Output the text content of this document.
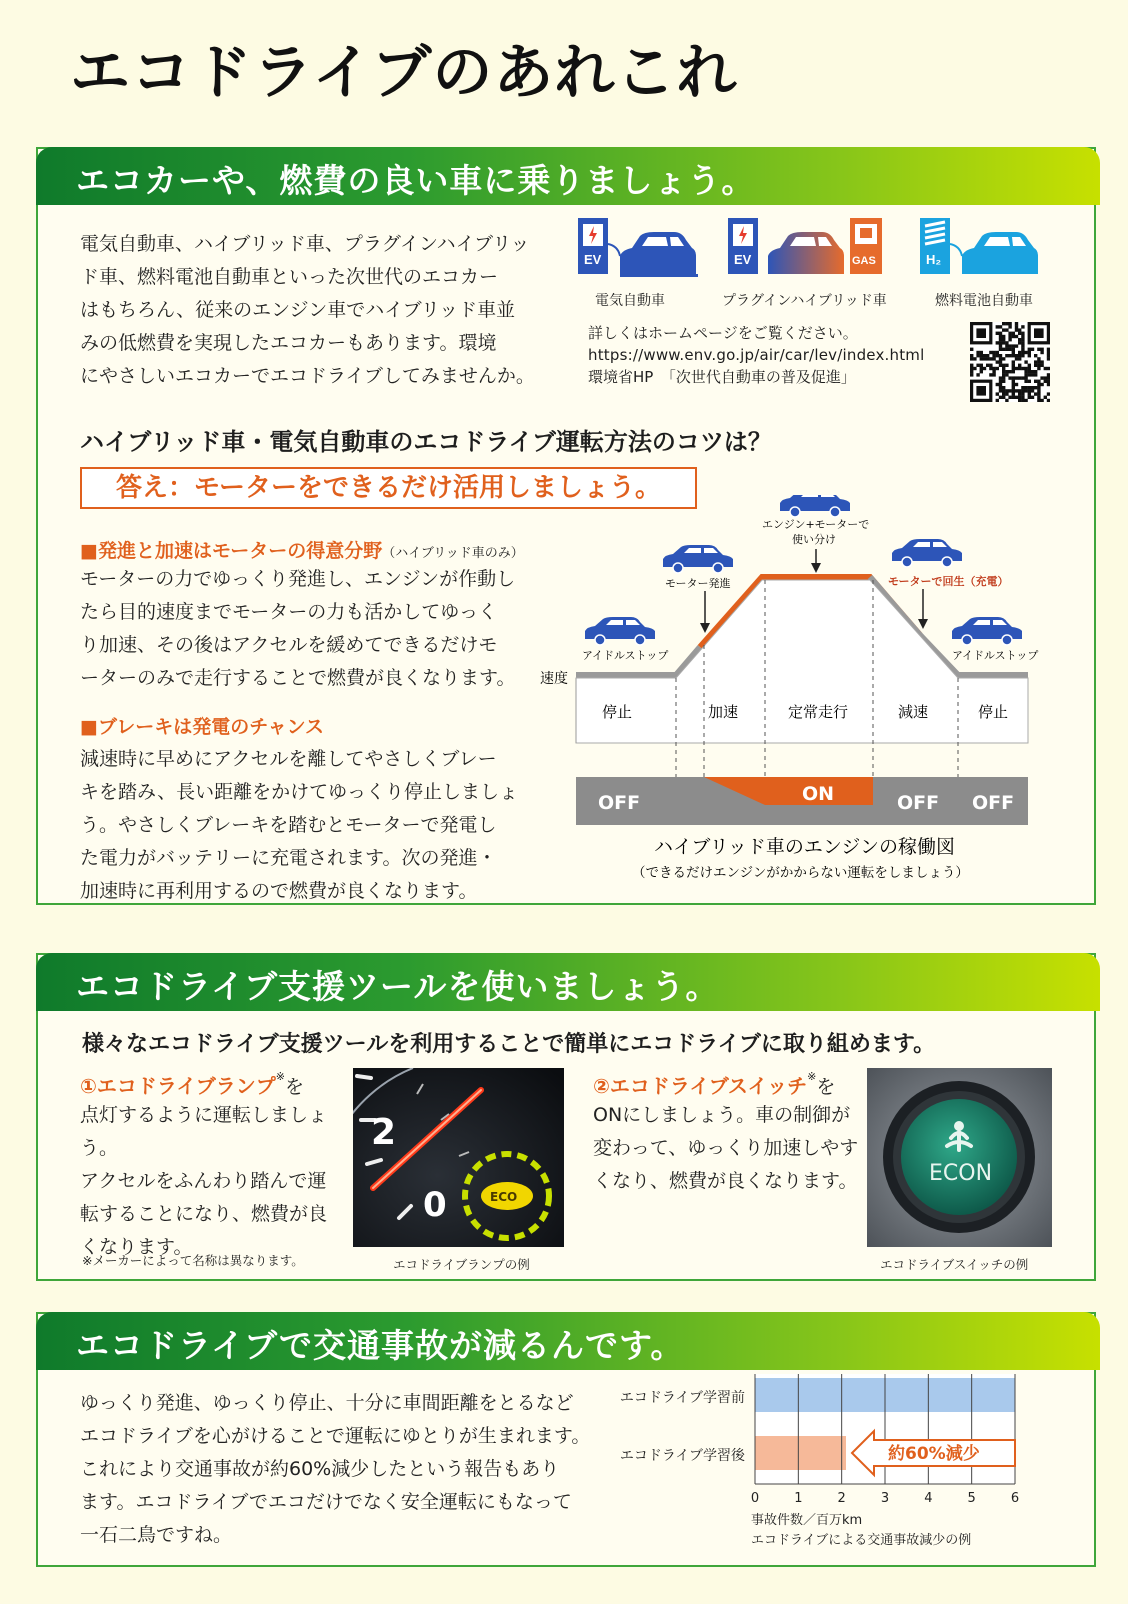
エコドライブのあれこれ
エコカーや、燃費の良い車に乗りましょう。
電気自動車、ハイブリッド車、プラグインハイブリッ
ド車、燃料電池自動車といった次世代のエコカー
はもちろん、従来のエンジン車でハイブリッド車並
みの低燃費を実現したエコカーもあります。環境
にやさしいエコカーでエコドライブしてみませんか。
EV
電気自動車
EV	GAS
プラグインハイブリッド車
H₂
燃料電池自動車
詳しくはホームページをご覧ください。
https://www.env.go.jp/air/car/lev/index.html
環境省HP　「次世代自動車の普及促進」
ハイブリッド車・電気自動車のエコドライブ運転方法のコツは？
答え：モーターをできるだけ活用しましょう。
■発進と加速はモーターの得意分野（ハイブリッド車のみ）
モーターの力でゆっくり発進し、エンジンが作動し
たら目的速度までモーターの力も活かしてゆっく
り加速、その後はアクセルを緩めてできるだけモ
ーターのみで走行することで燃費が良くなります。
■ブレーキは発電のチャンス
減速時に早めにアクセルを離してやさしくブレー
キを踏み、長い距離をかけてゆっくり停止しましょ
う。やさしくブレーキを踏むとモーターで発電し
た電力がバッテリーに充電されます。次の発進・
加速時に再利用するので燃費が良くなります。
速度
停止	加速	定常走行	減速	停止
OFF	ON	OFF OFF
アイドルストップ
モーター発進
エンジン+モーターで
使い分け
モーターで回生（充電）
アイドルストップ
ハイブリッド車のエンジンの稼働図
（できるだけエンジンがかからない運転をしましょう）
エコドライブ支援ツールを使いましょう。
様々なエコドライブ支援ツールを利用することで簡単にエコドライブに取り組めます。
①エコドライブランプ※を
点灯するように運転しましょう。
アクセルをふんわり踏んで運
転することになり、燃費が良
くなります。
※メーカーによって名称は異なります。
2
0	ECO
エコドライブランプの例
②エコドライブスイッチ※を
ONにしましょう。車の制御が
変わって、ゆっくり加速しやす
くなり、燃費が良くなります。	ECON
エコドライブスイッチの例
エコドライブで交通事故が減るんです。
ゆっくり発進、ゆっくり停止、十分に車間距離をとるなど
エコドライブを心がけることで運転にゆとりが生まれます。
これにより交通事故が約60%減少したという報告もあり
ます。エコドライブでエコだけでなく安全運転にもなって
一石二鳥ですね。
エコドライブ学習前
エコドライブ学習後
0	1	2	3	4	5	6
事故件数／百万km
約60%減少
エコドライブによる交通事故減少の例
